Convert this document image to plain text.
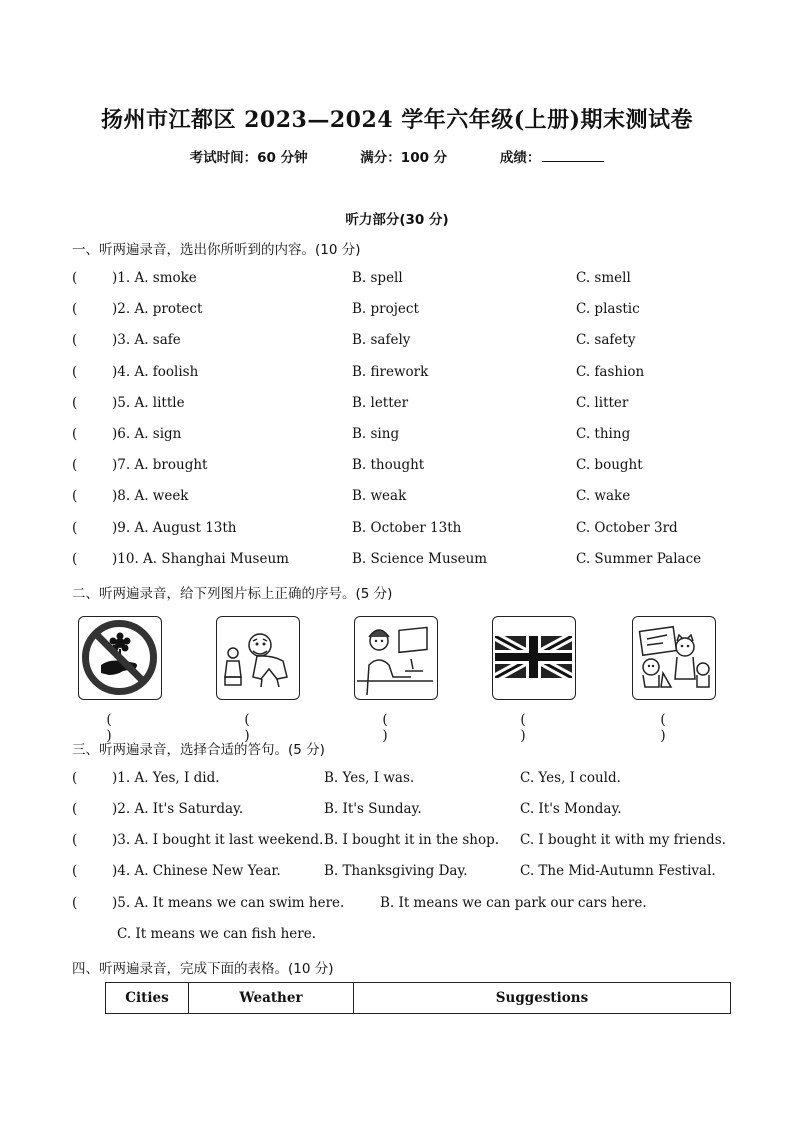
扬州市江都区 2023—2024 学年六年级(上册)期末测试卷
考试时间：60 分钟	满分：100 分	成绩：
听力部分(30 分)
一、听两遍录音，选出你所听到的内容。(10 分)
(	)1. A. smoke	B. spell	C. smell
(	)2. A. protect	B. project	C. plastic
(	)3. A. safe	B. safely	C. safety
(	)4. A. foolish	B. firework	C. fashion
(	)5. A. little	B. letter	C. litter
(	)6. A. sign	B. sing	C. thing
(	)7. A. brought	B. thought	C. bought
(	)8. A. week	B. weak	C. wake
(	)9. A. August 13th	B. October 13th	C. October 3rd
(	)10. A. Shanghai Museum	B. Science Museum	C. Summer Palace
二、听两遍录音，给下列图片标上正确的序号。(5 分)
(　 )
(　 )
(　 )
(　 )
(　 )
三、听两遍录音，选择合适的答句。(5 分)
(	)1. A. Yes, I did.	B. Yes, I was.	C. Yes, I could.
(	)2. A. It's Saturday.	B. It's Sunday.	C. It's Monday.
(	)3. A. I bought it last weekend. B. I bought it in the shop. C. I bought it with my friends.
(	)4. A. Chinese New Year.	B. Thanksgiving Day.	C. The Mid-Autumn Festival.
(	)5. A. It means we can swim here.	B. It means we can park our cars here.
C. It means we can fish here.
四、听两遍录音，完成下面的表格。(10 分)
Cities	Weather	Suggestions
